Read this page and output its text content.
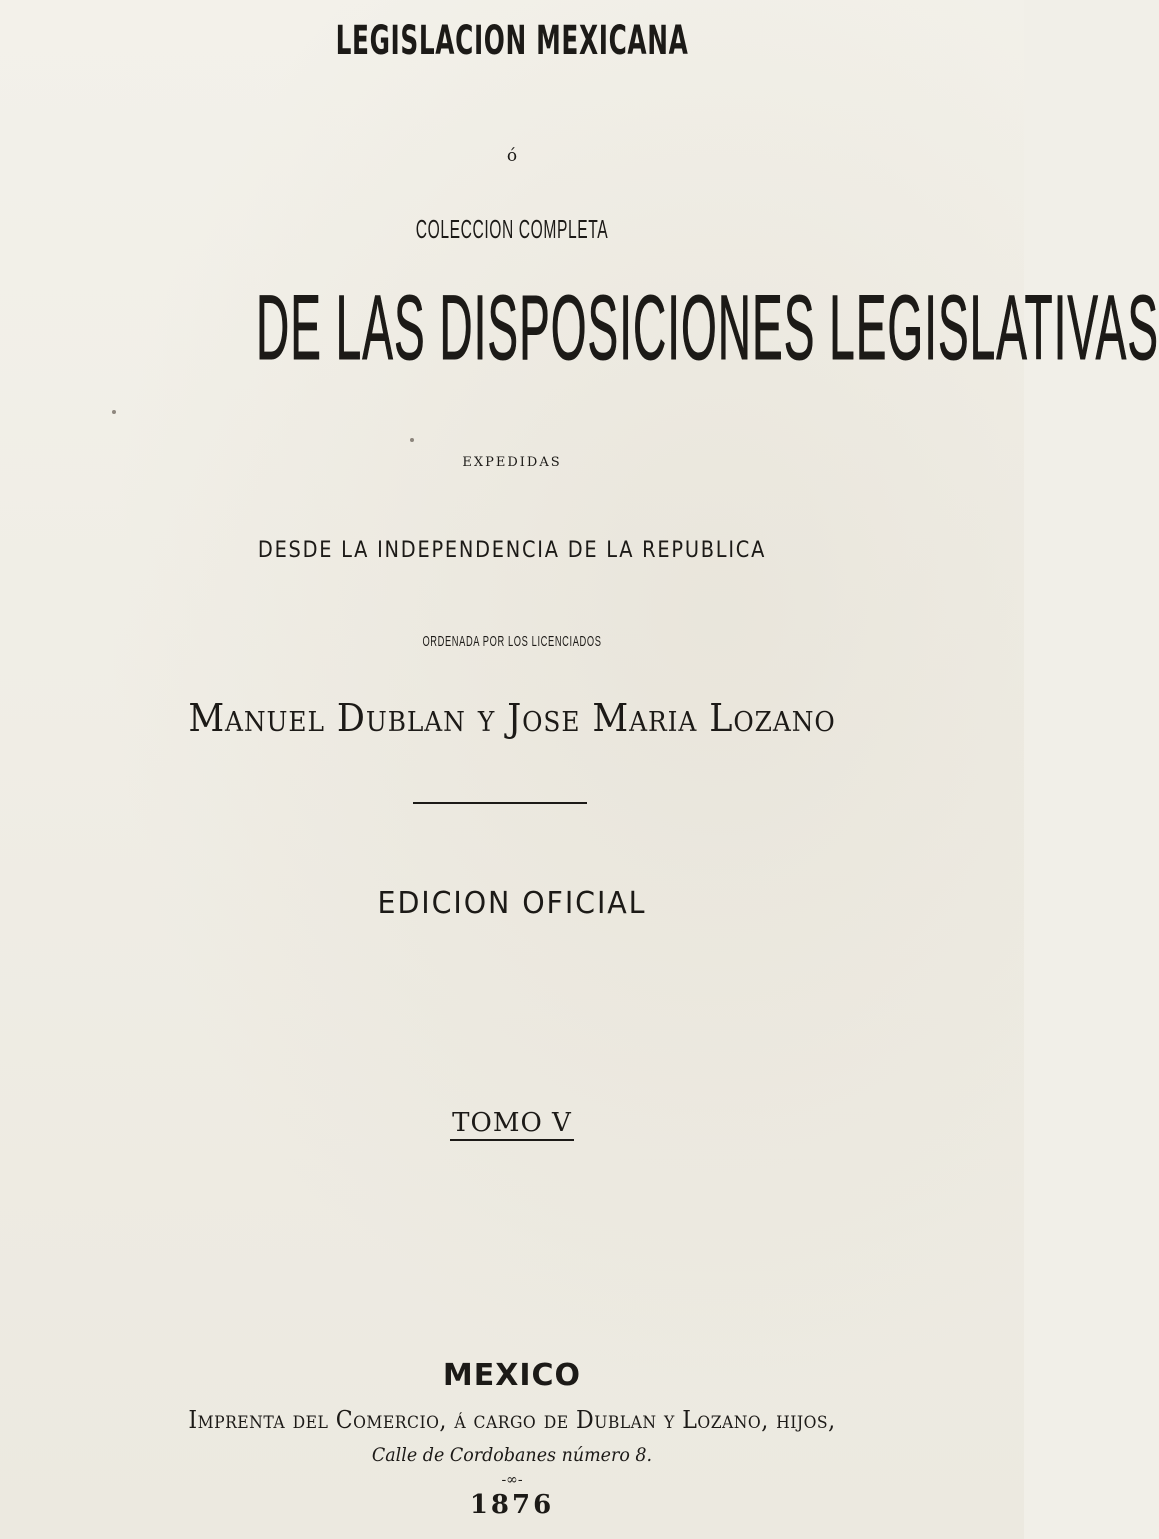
LEGISLACION MEXICANA
ó
COLECCION COMPLETA
DE LAS DISPOSICIONES LEGISLATIVAS
EXPEDIDAS
DESDE LA INDEPENDENCIA DE LA REPUBLICA
ORDENADA POR LOS LICENCIADOS
Manuel Dublan y Jose Maria Lozano
EDICION OFICIAL
TOMO V
MEXICO
Imprenta del Comercio, á cargo de Dublan y Lozano, hijos,
Calle de Cordobanes número 8.
-∞-
1876
